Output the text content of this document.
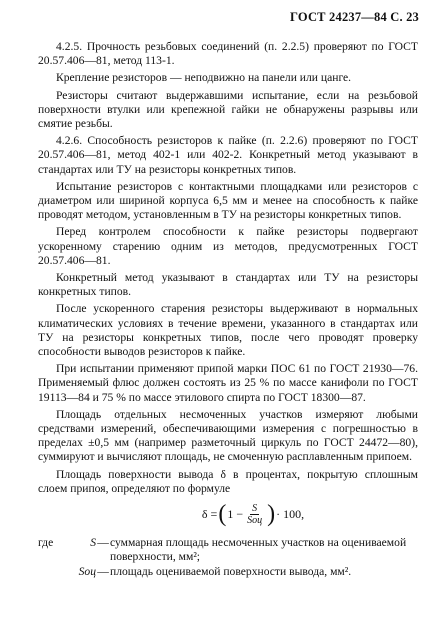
ГОСТ 24237—84 С. 23

4.2.5. Прочность резьбовых соединений (п. 2.2.5) проверяют по ГОСТ 20.57.406—81, метод 113-1.

Крепление резисторов — неподвижно на панели или цанге.

Резисторы считают выдержавшими испытание, если на резьбовой поверхности втулки или крепежной гайки не обнаружены разрывы или смятие резьбы.

4.2.6. Способность резисторов к пайке (п. 2.2.6) проверяют по ГОСТ 20.57.406—81, метод 402-1 или 402-2. Конкретный метод указывают в стандартах или ТУ на резисторы конкретных типов.

Испытание резисторов с контактными площадками или резисторов с диаметром или шириной корпуса 6,5 мм и менее на способность к пайке проводят методом, установленным в ТУ на резисторы конкретных типов.

Перед контролем способности к пайке резисторы подвергают ускоренному старению одним из методов, предусмотренных ГОСТ 20.57.406—81.

Конкретный метод указывают в стандартах или ТУ на резисторы конкретных типов.

После ускоренного старения резисторы выдерживают в нормальных климатических условиях в течение времени, указанного в стандартах или ТУ на резисторы конкретных типов, после чего проводят проверку способности выводов резисторов к пайке.

При испытании применяют припой марки ПОС 61 по ГОСТ 21930—76. Применяемый флюс должен состоять из 25 % по массе канифоли по ГОСТ 19113—84 и 75 % по массе этилового спирта по ГОСТ 18300—87.

Площадь отдельных несмоченных участков измеряют любыми средствами измерений, обеспечивающими измерения с погрешностью в пределах ±0,5 мм (например разметочный циркуль по ГОСТ 24472—80), суммируют и вычисляют площадь, не смоченную расплавленным припоем.

Площадь поверхности вывода δ в процентах, покрытую сплошным слоем припоя, определяют по формуле

δ = ( $1 - \frac{S}{\text{Sоц}}$ ) · 100,
где	S — суммарная площадь несмоченных участков на оцениваемой поверхности, мм²;
Sоц — площадь оцениваемой поверхности вывода, мм².
